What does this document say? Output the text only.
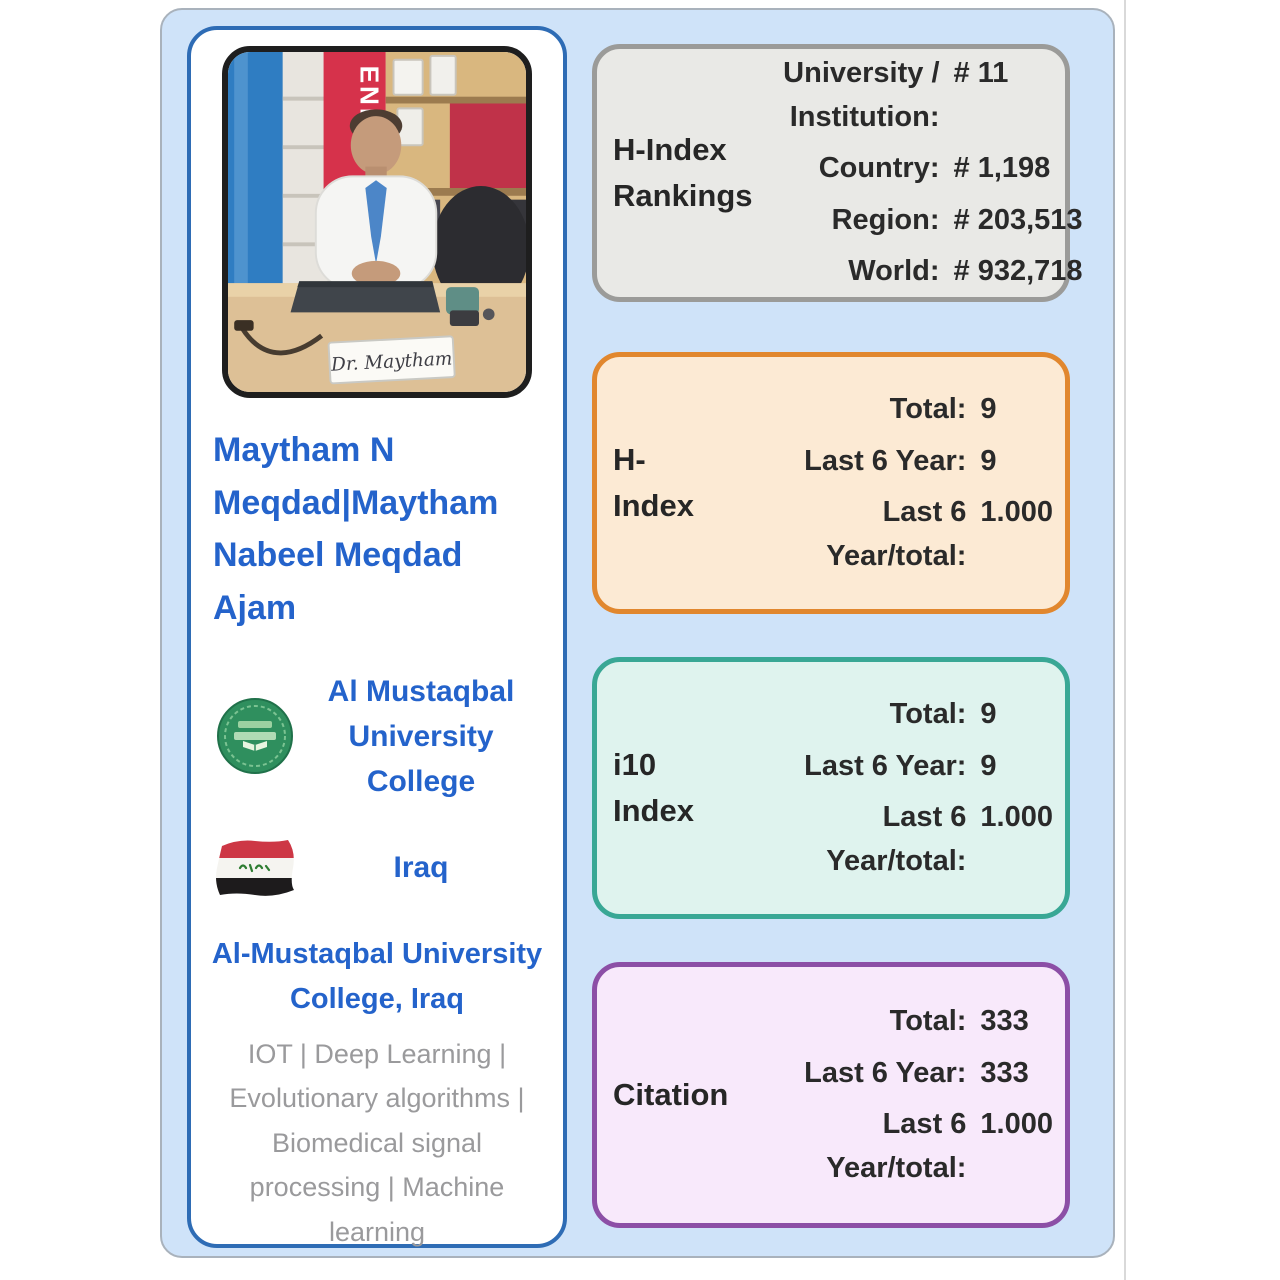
Dr. Maytham
Maytham N Meqdad|Maytham Nabeel Meqdad Ajam
Al Mustaqbal University College
Iraq
Al-Mustaqbal University College, Iraq
IOT | Deep Learning | Evolutionary algorithms | Biomedical signal processing | Machine learning
H-Index
Rankings
University / Institution:
# 11
Country: # 1,198
Region: # 203,513
World: # 932,718
H-
Index
Total: 9
Last 6 Year: 9
Last 6 Year/total:
1.000
i10
Index
Total: 9
Last 6 Year: 9
Last 6 Year/total:
1.000
Citation
Total: 333
Last 6 Year: 333
Last 6 Year/total:
1.000
